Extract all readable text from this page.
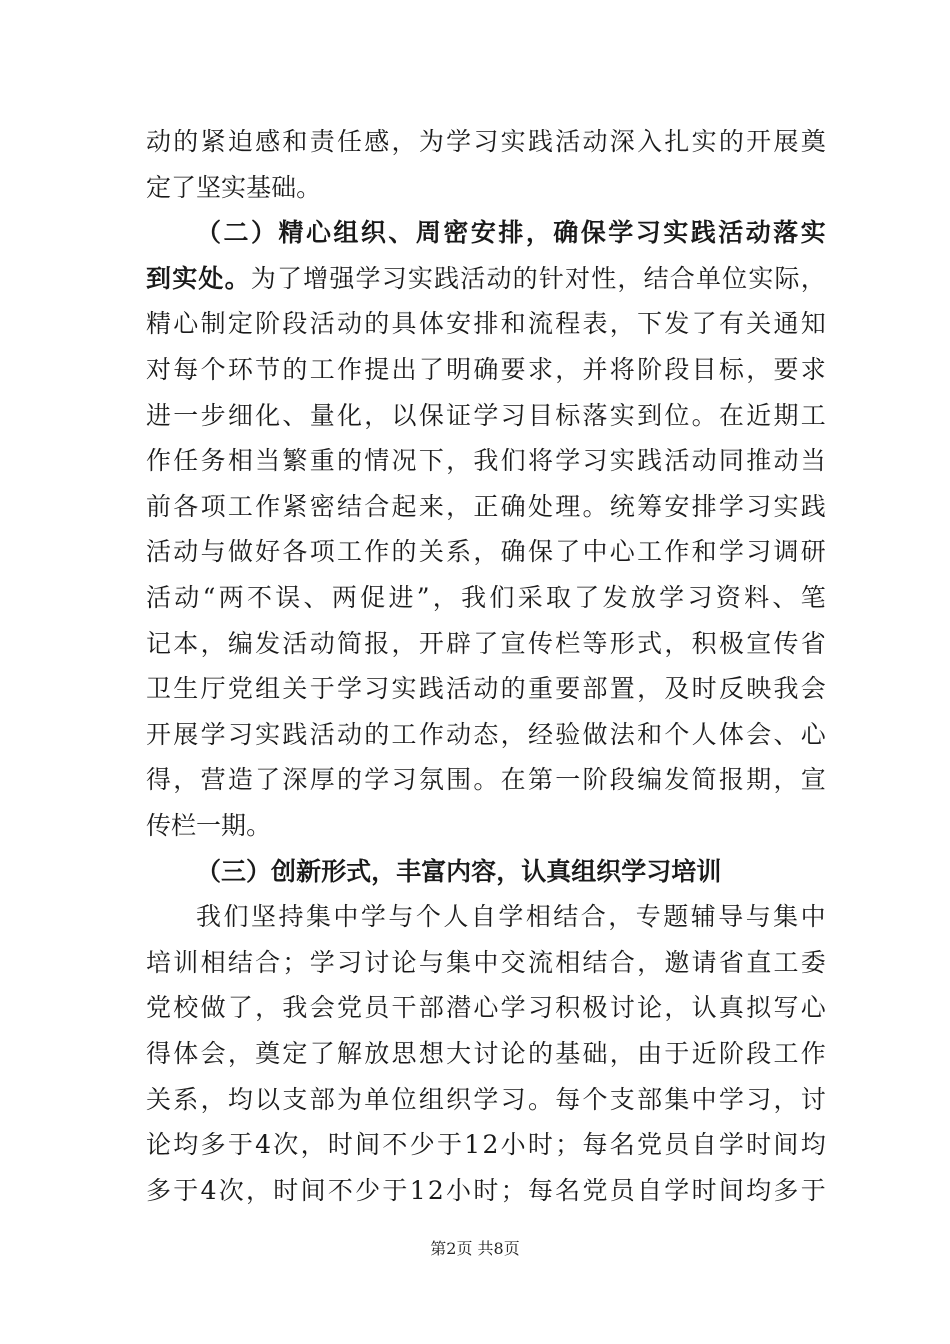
动 的 紧 迫 感 和 责 任 感 ， 为 学 习 实 践 活 动 深 入 扎 实 的 开 展 奠
定 了 坚 实 基 础 。
（ 二 ） 精 心 组 织 、 周 密 安 排 ， 确 保 学 习 实 践 活 动 落 实
到 实 处 。 为 了 增 强 学 习 实 践 活 动 的 针 对 性 ， 结 合 单 位 实 际 ，
精 心 制 定 阶 段 活 动 的 具 体 安 排 和 流 程 表 ， 下 发 了 有 关 通 知
对 每 个 环 节 的 工 作 提 出 了 明 确 要 求 ， 并 将 阶 段 目 标 ， 要 求
进 一 步 细 化 、 量 化 ， 以 保 证 学 习 目 标 落 实 到 位 。 在 近 期 工
作 任 务 相 当 繁 重 的 情 况 下 ， 我 们 将 学 习 实 践 活 动 同 推 动 当
前 各 项 工 作 紧 密 结 合 起 来 ， 正 确 处 理 。 统 筹 安 排 学 习 实 践
活 动 与 做 好 各 项 工 作 的 关 系 ， 确 保 了 中 心 工 作 和 学 习 调 研
活 动 “ 两 不 误 、 两 促 进 ” ， 我 们 采 取 了 发 放 学 习 资 料 、 笔
记 本 ， 编 发 活 动 简 报 ， 开 辟 了 宣 传 栏 等 形 式 ， 积 极 宣 传 省
卫 生 厅 党 组 关 于 学 习 实 践 活 动 的 重 要 部 置 ， 及 时 反 映 我 会
开 展 学 习 实 践 活 动 的 工 作 动 态 ， 经 验 做 法 和 个 人 体 会 、 心
得 ， 营 造 了 深 厚 的 学 习 氛 围 。 在 第 一 阶 段 编 发 简 报 期 ， 宣
传 栏 一 期 。
（ 三 ） 创 新 形 式 ， 丰 富 内 容 ， 认 真 组 织 学 习 培 训
我 们 坚 持 集 中 学 与 个 人 自 学 相 结 合 ， 专 题 辅 导 与 集 中
培 训 相 结 合 ； 学 习 讨 论 与 集 中 交 流 相 结 合 ， 邀 请 省 直 工 委
党 校 做 了 ， 我 会 党 员 干 部 潜 心 学 习 积 极 讨 论 ， 认 真 拟 写 心
得 体 会 ， 奠 定 了 解 放 思 想 大 讨 论 的 基 础 ， 由 于 近 阶 段 工 作
关 系 ， 均 以 支 部 为 单 位 组 织 学 习 。 每 个 支 部 集 中 学 习 ， 讨
论 均 多 于 4 次 ， 时 间 不 少 于 1 2 小 时 ； 每 名 党 员 自 学 时 间 均
多 于 4 次 ， 时 间 不 少 于 1 2 小 时 ； 每 名 党 员 自 学 时 间 均 多 于
第2页 共8页
